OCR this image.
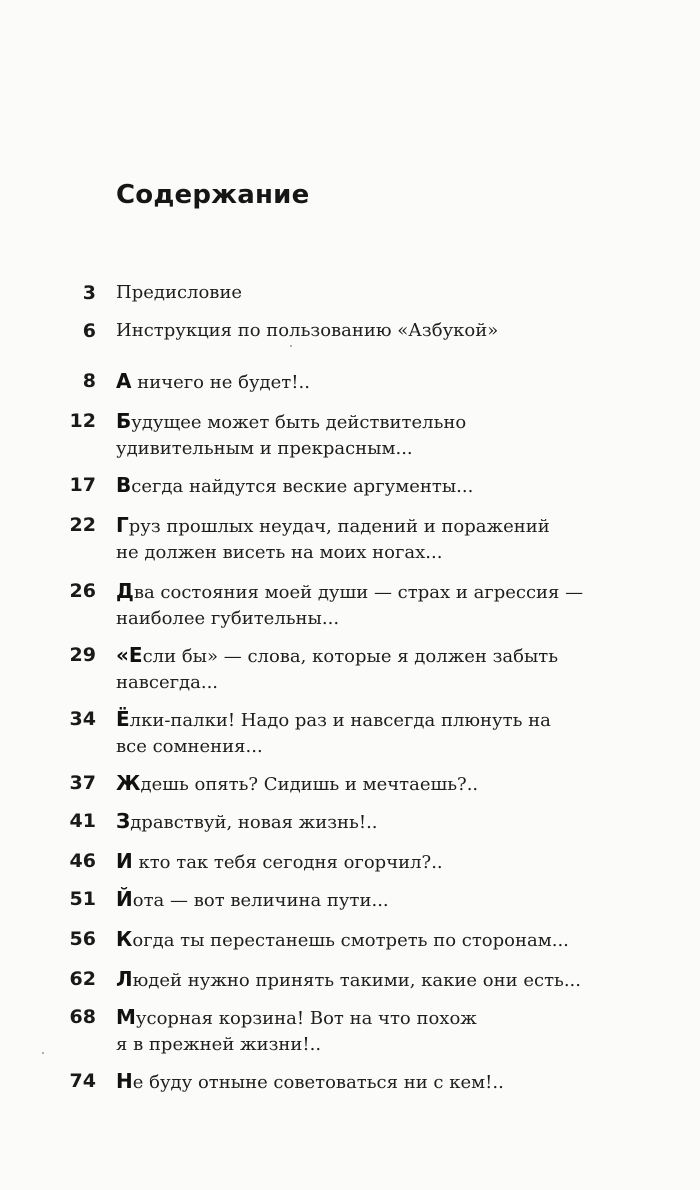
Содержание
3 Предисловие
6 Инструкция по пользованию «Азбукой»
8 А ничего не будет!..
12 Будущее может быть действительно
удивительным и прекрасным...
17 Всегда найдутся веские аргументы...
22 Груз прошлых неудач, падений и поражений
не должен висеть на моих ногах...
26 Два состояния моей души — страх и агрессия —
наиболее губительны...
29 «Если бы» — слова, которые я должен забыть
навсегда...
34 Ёлки-палки! Надо раз и навсегда плюнуть на
все сомнения...
37 Ждешь опять? Сидишь и мечтаешь?..
41 Здравствуй, новая жизнь!..
46 И кто так тебя сегодня огорчил?..
51 Йота — вот величина пути...
56 Когда ты перестанешь смотреть по сторонам...
62 Людей нужно принять такими, какие они есть...
68 Мусорная корзина! Вот на что похож
я в прежней жизни!..
74 Не буду отныне советоваться ни с кем!..
